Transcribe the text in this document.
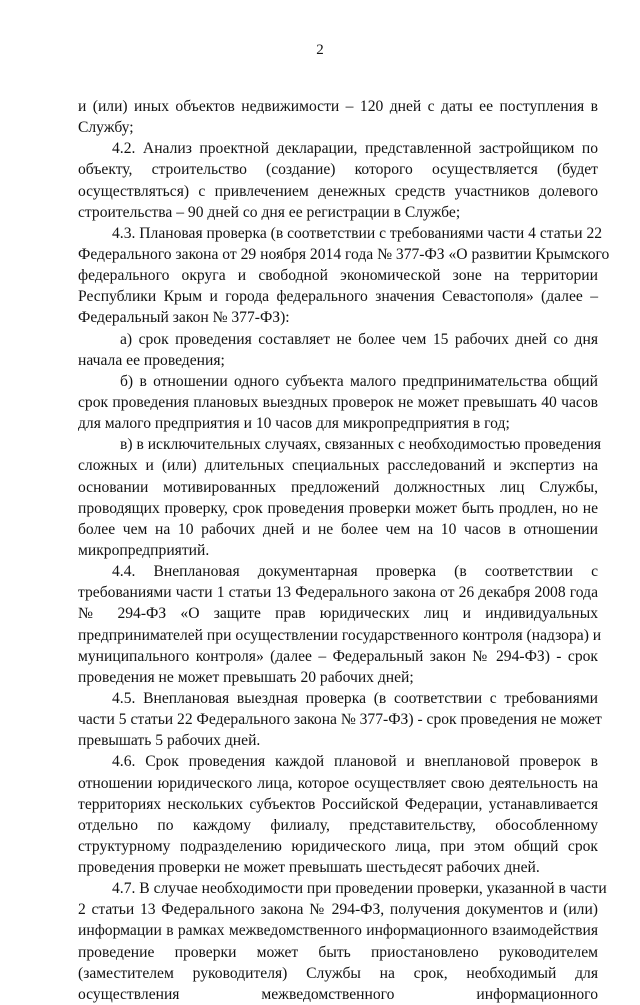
2
и (или) иных объектов недвижимости – 120 дней с даты ее поступления в
Службу;
4.2. Анализ проектной декларации, представленной застройщиком по
объекту, строительство (создание) которого осуществляется (будет
осуществляться) с привлечением денежных средств участников долевого
строительства – 90 дней со дня ее регистрации в Службе;
4.3. Плановая проверка (в соответствии с требованиями части 4 статьи 22
Федерального закона от 29 ноября 2014 года № 377-ФЗ «О развитии Крымского
федерального округа и свободной экономической зоне на территории
Республики Крым и города федерального значения Севастополя» (далее –
Федеральный закон № 377-ФЗ):
а) срок проведения составляет не более чем 15 рабочих дней со дня
начала ее проведения;
б) в отношении одного субъекта малого предпринимательства общий
срок проведения плановых выездных проверок не может превышать 40 часов
для малого предприятия и 10 часов для микропредприятия в год;
в) в исключительных случаях, связанных с необходимостью проведения
сложных и (или) длительных специальных расследований и экспертиз на
основании мотивированных предложений должностных лиц Службы,
проводящих проверку, срок проведения проверки может быть продлен, но не
более чем на 10 рабочих дней и не более чем на 10 часов в отношении
микропредприятий.
4.4. Внеплановая документарная проверка (в соответствии с
требованиями части 1 статьи 13 Федерального закона от 26 декабря 2008 года
№ 294-ФЗ «О защите прав юридических лиц и индивидуальных
предпринимателей при осуществлении государственного контроля (надзора) и
муниципального контроля» (далее – Федеральный закон № 294-ФЗ) - срок
проведения не может превышать 20 рабочих дней;
4.5. Внеплановая выездная проверка (в соответствии с требованиями
части 5 статьи 22 Федерального закона № 377-ФЗ) - срок проведения не может
превышать 5 рабочих дней.
4.6. Срок проведения каждой плановой и внеплановой проверок в
отношении юридического лица, которое осуществляет свою деятельность на
территориях нескольких субъектов Российской Федерации, устанавливается
отдельно по каждому филиалу, представительству, обособленному
структурному подразделению юридического лица, при этом общий срок
проведения проверки не может превышать шестьдесят рабочих дней.
4.7. В случае необходимости при проведении проверки, указанной в части
2 статьи 13 Федерального закона № 294-ФЗ, получения документов и (или)
информации в рамках межведомственного информационного взаимодействия
проведение проверки может быть приостановлено руководителем
(заместителем руководителя) Службы на срок, необходимый для
осуществления межведомственного информационного
